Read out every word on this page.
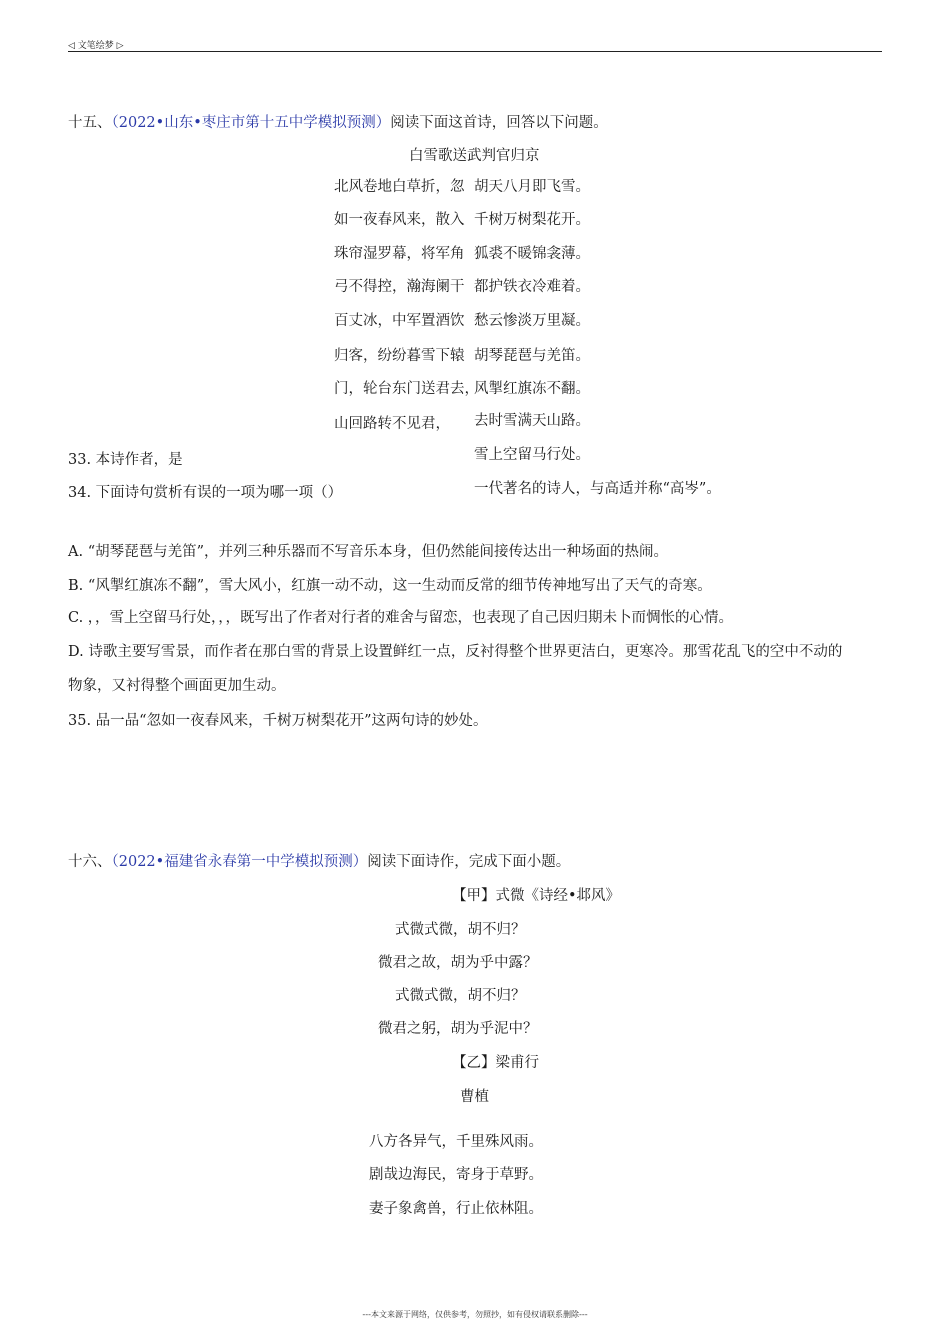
◁ 文笔绘梦 ▷
十五、（2022•山东•枣庄市第十五中学模拟预测）阅读下面这首诗，回答以下问题。
白雪歌送武判官归京
北风卷地白草折，忽
如一夜春风来，散入
珠帘湿罗幕，将军角
弓不得控，瀚海阑干
百丈冰，中军置酒饮
归客，纷纷暮雪下辕
门，轮台东门送君去，
山回路转不见君，
胡天八月即飞雪。
千树万树梨花开。
狐裘不暖锦衾薄。
都护铁衣冷难着。
愁云惨淡万里凝。
胡琴琵琶与羌笛。
风掣红旗冻不翻。
去时雪满天山路。
雪上空留马行处。
一代著名的诗人，与高适并称“高岑”。
33. 本诗作者，是
34. 下面诗句赏析有误的一项为哪一项（）
A. “胡琴琵琶与羌笛”，并列三种乐器而不写音乐本身，但仍然能间接传达出一种场面的热闹。
B. “风掣红旗冻不翻”，雪大风小，红旗一动不动，这一生动而反常的细节传神地写出了天气的奇寒。
C. ，，雪上空留马行处，，，既写出了作者对行者的难舍与留恋，也表现了自己因归期未卜而惆怅的心情。
D. 诗歌主要写雪景，而作者在那白雪的背景上设置鲜红一点，反衬得整个世界更洁白，更寒冷。那雪花乱飞的空中不动的
物象，又衬得整个画面更加生动。
35. 品一品“忽如一夜春风来，千树万树梨花开”这两句诗的妙处。
十六、（2022•福建省永春第一中学模拟预测）阅读下面诗作，完成下面小题。
【甲】式微《诗经•邶风》
式微式微，胡不归？
微君之故，胡为乎中露？
式微式微，胡不归？
微君之躬，胡为乎泥中？
【乙】梁甫行
曹植
八方各异气，千里殊风雨。
剧哉边海民，寄身于草野。
妻子象禽兽，行止依林阻。
---本文来源于网络，仅供参考，勿照抄，如有侵权请联系删除---
